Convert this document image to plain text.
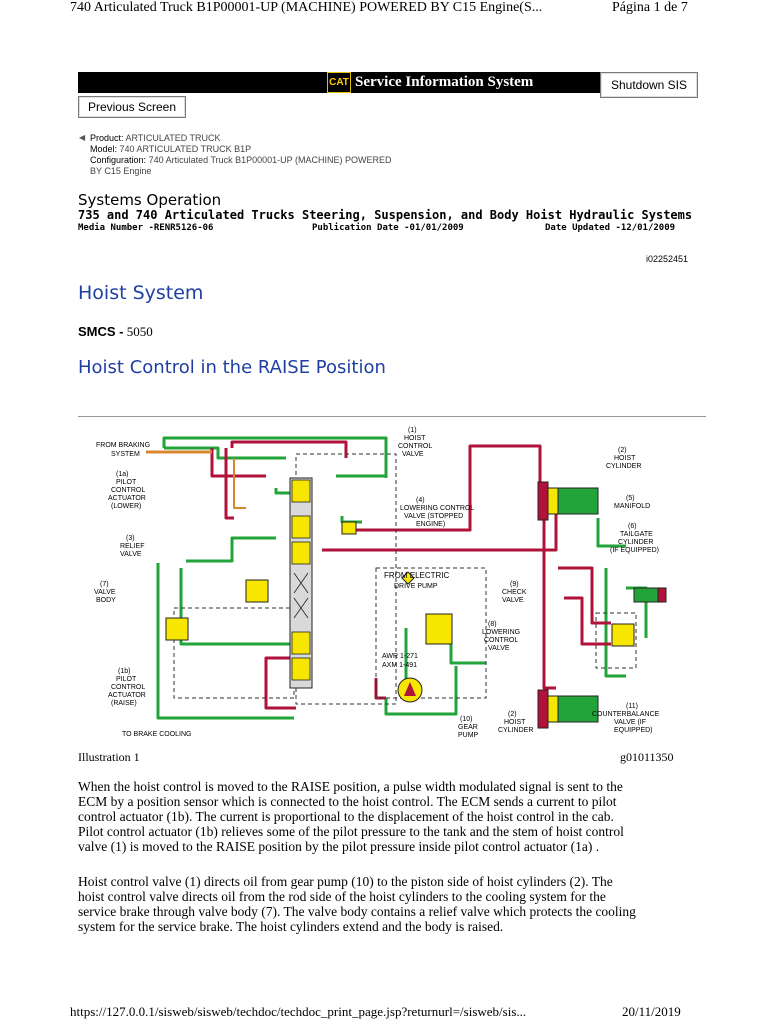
740 Articulated Truck B1P00001-UP (MACHINE) POWERED BY C15 Engine(S...	Página 1 de 7
CAT Service Information System	Shutdown SIS
Previous Screen
◀ Product: ARTICULATED TRUCK
Model: 740 ARTICULATED TRUCK B1P
Configuration: 740 Articulated Truck B1P00001-UP (MACHINE) POWERED
BY C15 Engine
Systems Operation
735 and 740 Articulated Trucks Steering, Suspension, and Body Hoist Hydraulic Systems
Media Number -RENR5126-06	Publication Date -01/01/2009	Date Updated -12/01/2009
i02252451
Hoist System
SMCS - 5050
Hoist Control in the RAISE Position
FROM BRAKING
SYSTEM
(1a)
PILOT
CONTROL
ACTUATOR
(LOWER)
(3)
RELIEF
VALVE
(7)
VALVE
BODY
(1b)
PILOT
CONTROL
ACTUATOR
(RAISE)
TO BRAKE COOLING
(1)
HOIST
CONTROL
VALVE
(4)
LOWERING CONTROL
VALVE (STOPPED
ENGINE)
FROM ELECTRIC
DRIVE PUMP	(9)
CHECK
VALVE
(8)
LOWERING
CONTROL
VALVE
AWR 1-271
AXM 1-491
(10)
GEAR
PUMP
(2)
HOIST
CYLINDER
(2)
HOIST
CYLINDER
(5)
MANIFOLD
(6)
TAILGATE
CYLINDER
(IF EQUIPPED)
(11)
COUNTERBALANCE
VALVE (IF
EQUIPPED)
Illustration 1	g01011350
When the hoist control is moved to the RAISE position, a pulse width modulated signal is sent to the
ECM by a position sensor which is connected to the hoist control. The ECM sends a current to pilot
control actuator (1b). The current is proportional to the displacement of the hoist control in the cab.
Pilot control actuator (1b) relieves some of the pilot pressure to the tank and the stem of hoist control
valve (1) is moved to the RAISE position by the pilot pressure inside pilot control actuator (1a) .
Hoist control valve (1) directs oil from gear pump (10) to the piston side of hoist cylinders (2). The
hoist control valve directs oil from the rod side of the hoist cylinders to the cooling system for the
service brake through valve body (7). The valve body contains a relief valve which protects the cooling
system for the service brake. The hoist cylinders extend and the body is raised.
https://127.0.0.1/sisweb/sisweb/techdoc/techdoc_print_page.jsp?returnurl=/sisweb/sis...	20/11/2019
